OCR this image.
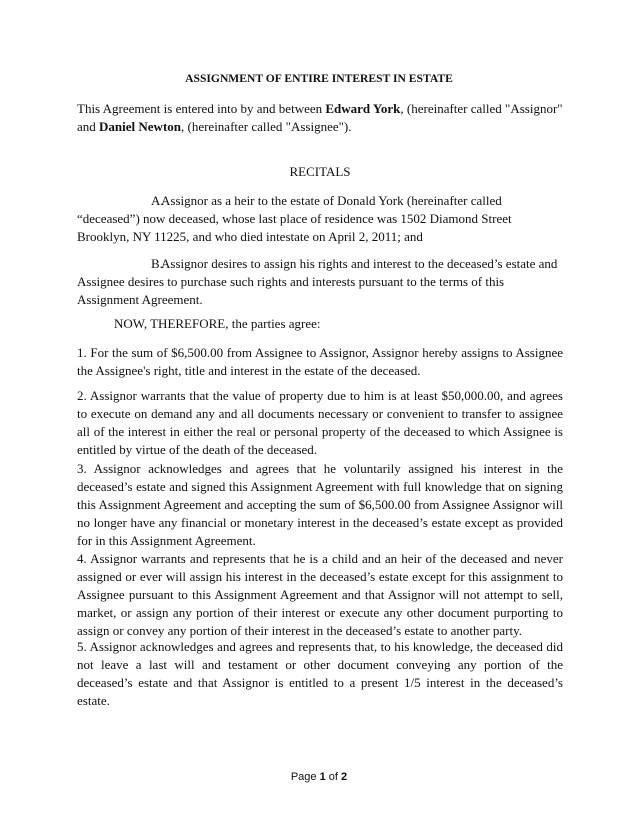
ASSIGNMENT OF ENTIRE INTEREST IN ESTATE

This Agreement is entered into by and between Edward York, (hereinafter called "Assignor" and Daniel Newton, (hereinafter called "Assignee").

RECITALS

A.Assignor as a heir to the estate of Donald York (hereinafter called “deceased”) now deceased, whose last place of residence was 1502 Diamond Street Brooklyn, NY 11225, and who died intestate on April 2, 2011; and

B.Assignor desires to assign his rights and interest to the deceased’s estate and Assignee desires to purchase such rights and interests pursuant to the terms of this Assignment Agreement.

NOW, THEREFORE, the parties agree:

1. For the sum of $6,500.00 from Assignee to Assignor, Assignor hereby assigns to Assignee the Assignee's right, title and interest in the estate of the deceased.

2. Assignor warrants that the value of property due to him is at least $50,000.00, and agrees to execute on demand any and all documents necessary or convenient to transfer to assignee all of the interest in either the real or personal property of the deceased to which Assignee is entitled by virtue of the death of the deceased.

3. Assignor acknowledges and agrees that he voluntarily assigned his interest in the deceased’s estate and signed this Assignment Agreement with full knowledge that on signing this Assignment Agreement and accepting the sum of $6,500.00 from Assignee Assignor will no longer have any financial or monetary interest in the deceased’s estate except as provided for in this Assignment Agreement.

4. Assignor warrants and represents that he is a child and an heir of the deceased and never assigned or ever will assign his interest in the deceased’s estate except for this assignment to Assignee pursuant to this Assignment Agreement and that Assignor will not attempt to sell, market, or assign any portion of their interest or execute any other document purporting to assign or convey any portion of their interest in the deceased’s estate to another party.

5. Assignor acknowledges and agrees and represents that, to his knowledge, the deceased did not leave a last will and testament or other document conveying any portion of the deceased’s estate and that Assignor is entitled to a present 1/5 interest in the deceased’s estate.

Page 1 of 2
